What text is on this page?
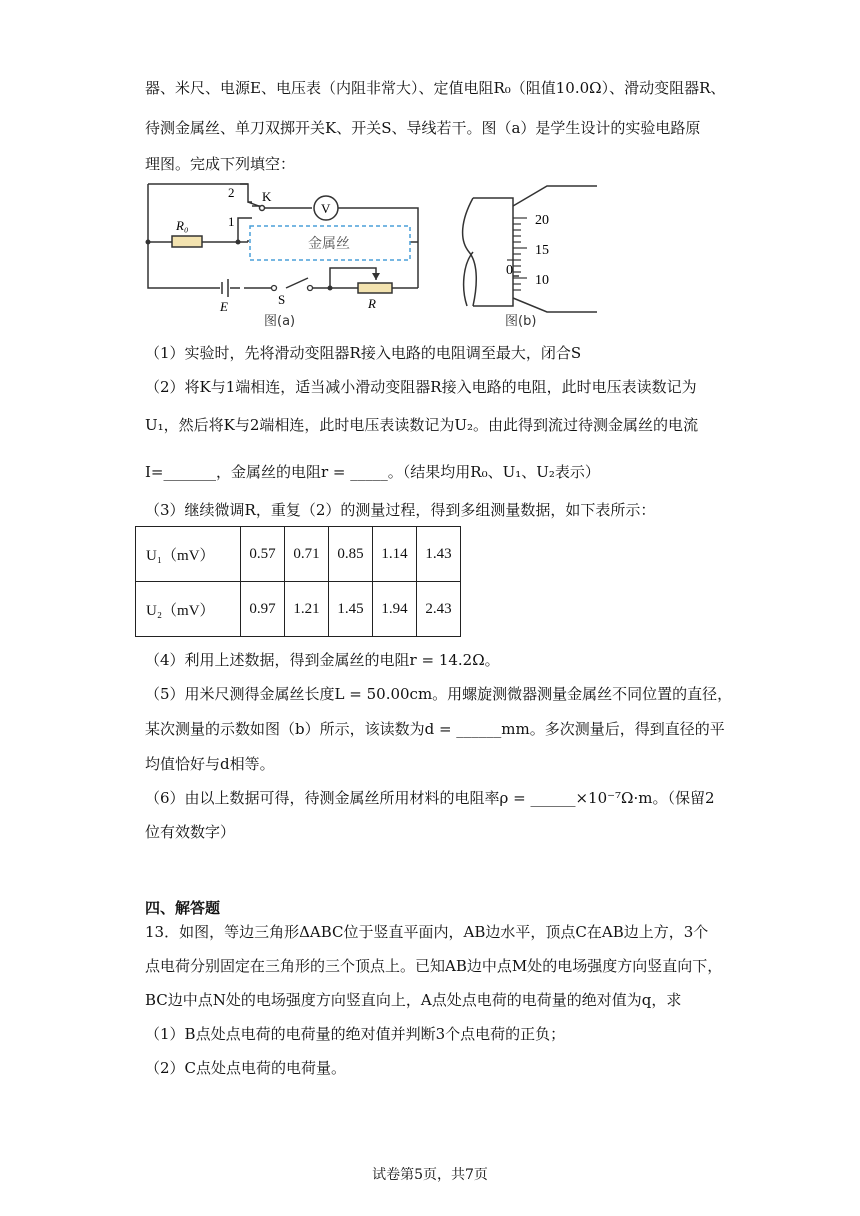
器、米尺、电源E、电压表（内阻非常大）、定值电阻R₀（阻值10.0Ω）、滑动变阻器R、
待测金属丝、单刀双掷开关K、开关S、导线若干。图（a）是学生设计的实验电路原
理图。完成下列填空：
2 K
1
V
R₀
金属丝
E	S	R
图(a)
20
15
10
0
图(b)
（1）实验时，先将滑动变阻器R接入电路的电阻调至最大，闭合S
（2）将K与1端相连，适当减小滑动变阻器R接入电路的电阻，此时电压表读数记为
U₁，然后将K与2端相连，此时电压表读数记为U₂。由此得到流过待测金属丝的电流
I=_______，金属丝的电阻r = _____。（结果均用R₀、U₁、U₂表示）
（3）继续微调R，重复（2）的测量过程，得到多组测量数据，如下表所示：
U₁（mV）	0.57	0.71	0.85	1.14	1.43
U₂（mV）	0.97	1.21	1.45	1.94	2.43
（4）利用上述数据，得到金属丝的电阻r = 14.2Ω。
（5）用米尺测得金属丝长度L = 50.00cm。用螺旋测微器测量金属丝不同位置的直径，
某次测量的示数如图（b）所示，该读数为d = ______mm。多次测量后，得到直径的平
均值恰好与d相等。
（6）由以上数据可得，待测金属丝所用材料的电阻率ρ = ______×10⁻⁷Ω·m。（保留2
位有效数字）
四、解答题
13．如图，等边三角形ΔABC位于竖直平面内，AB边水平，顶点C在AB边上方，3个
点电荷分别固定在三角形的三个顶点上。已知AB边中点M处的电场强度方向竖直向下，
BC边中点N处的电场强度方向竖直向上，A点处点电荷的电荷量的绝对值为q，求
（1）B点处点电荷的电荷量的绝对值并判断3个点电荷的正负；
（2）C点处点电荷的电荷量。
试卷第5页，共7页
